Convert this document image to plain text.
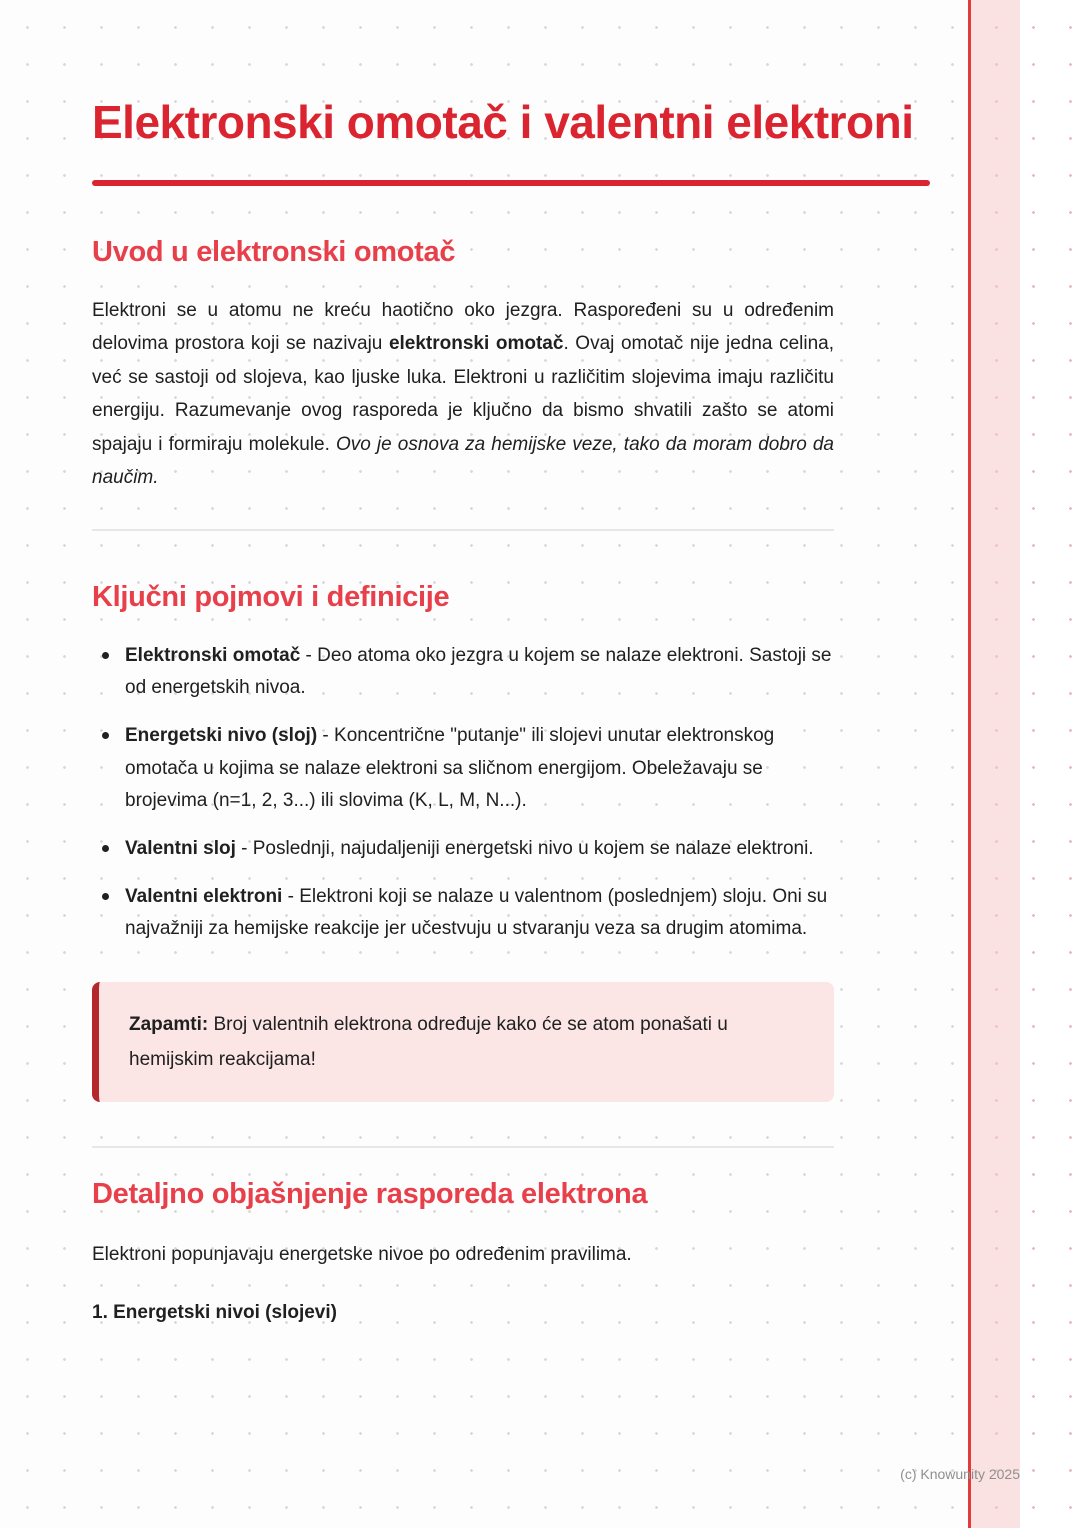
Elektronski omotač i valentni elektroni
Uvod u elektronski omotač

Elektroni se u atomu ne kreću haotično oko jezgra. Raspoređeni su u određenim delovima prostora koji se nazivaju elektronski omotač. Ovaj omotač nije jedna celina, već se sastoji od slojeva, kao ljuske luka. Elektroni u različitim slojevima imaju različitu energiju. Razumevanje ovog rasporeda je ključno da bismo shvatili zašto se atomi spajaju i formiraju molekule. Ovo je osnova za hemijske veze, tako da moram dobro da naučim.

Ključni pojmovi i definicije
Elektronski omotač - Deo atoma oko jezgra u kojem se nalaze elektroni. Sastoji se od energetskih nivoa.
Energetski nivo (sloj) - Koncentrične "putanje" ili slojevi unutar elektronskog omotača u kojima se nalaze elektroni sa sličnom energijom. Obeležavaju se brojevima (n=1, 2, 3...) ili slovima (K, L, M, N...).
Valentni sloj - Poslednji, najudaljeniji energetski nivo u kojem se nalaze elektroni.
Valentni elektroni - Elektroni koji se nalaze u valentnom (poslednjem) sloju. Oni su najvažniji za hemijske reakcije jer učestvuju u stvaranju veza sa drugim atomima.
Zapamti: Broj valentnih elektrona određuje kako će se atom ponašati u hemijskim reakcijama!
Detaljno objašnjenje rasporeda elektrona

Elektroni popunjavaju energetske nivoe po određenim pravilima.

1. Energetski nivoi (slojevi)

(c) Knowunity 2025
